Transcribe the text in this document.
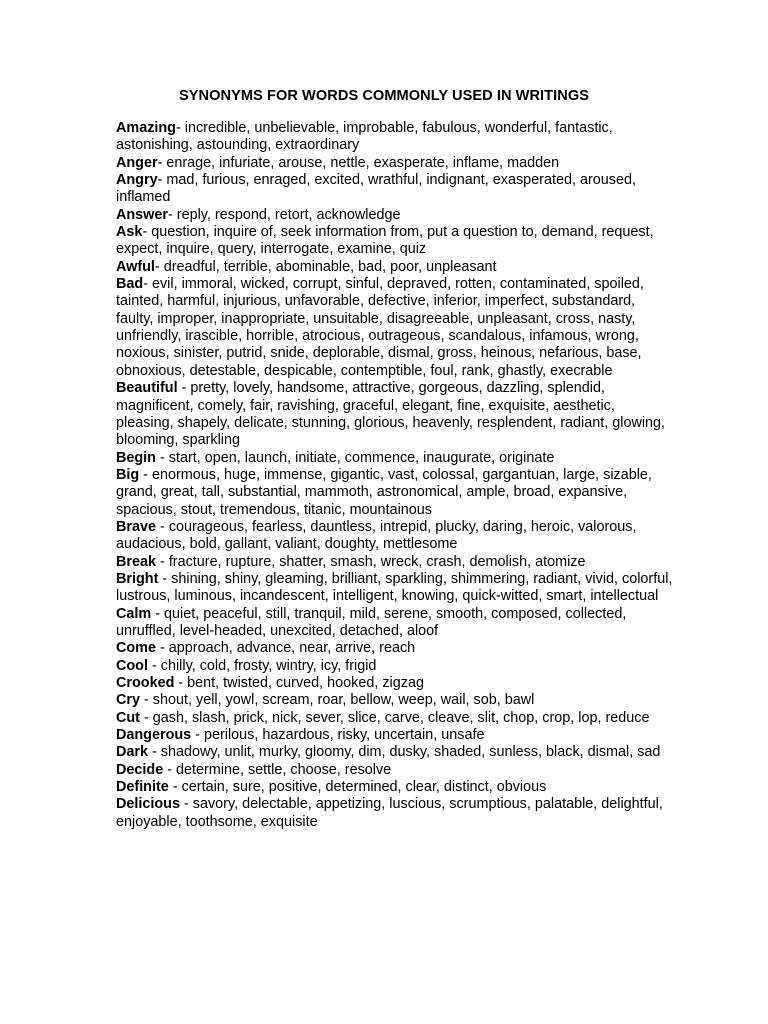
SYNONYMS FOR WORDS COMMONLY USED IN WRITINGS

Amazing- incredible, unbelievable, improbable, fabulous, wonderful, fantastic, astonishing, astounding, extraordinary

Anger- enrage, infuriate, arouse, nettle, exasperate, inflame, madden

Angry- mad, furious, enraged, excited, wrathful, indignant, exasperated, aroused, inflamed

Answer- reply, respond, retort, acknowledge

Ask- question, inquire of, seek information from, put a question to, demand, request, expect, inquire, query, interrogate, examine, quiz

Awful- dreadful, terrible, abominable, bad, poor, unpleasant

Bad- evil, immoral, wicked, corrupt, sinful, depraved, rotten, contaminated, spoiled, tainted, harmful, injurious, unfavorable, defective, inferior, imperfect, substandard, faulty, improper, inappropriate, unsuitable, disagreeable, unpleasant, cross, nasty, unfriendly, irascible, horrible, atrocious, outrageous, scandalous, infamous, wrong, noxious, sinister, putrid, snide, deplorable, dismal, gross, heinous, nefarious, base, obnoxious, detestable, despicable, contemptible, foul, rank, ghastly, execrable

Beautiful - pretty, lovely, handsome, attractive, gorgeous, dazzling, splendid, magnificent, comely, fair, ravishing, graceful, elegant, fine, exquisite, aesthetic, pleasing, shapely, delicate, stunning, glorious, heavenly, resplendent, radiant, glowing, blooming, sparkling

Begin - start, open, launch, initiate, commence, inaugurate, originate

Big - enormous, huge, immense, gigantic, vast, colossal, gargantuan, large, sizable, grand, great, tall, substantial, mammoth, astronomical, ample, broad, expansive, spacious, stout, tremendous, titanic, mountainous

Brave - courageous, fearless, dauntless, intrepid, plucky, daring, heroic, valorous, audacious, bold, gallant, valiant, doughty, mettlesome

Break - fracture, rupture, shatter, smash, wreck, crash, demolish, atomize

Bright - shining, shiny, gleaming, brilliant, sparkling, shimmering, radiant, vivid, colorful, lustrous, luminous, incandescent, intelligent, knowing, quick-witted, smart, intellectual

Calm - quiet, peaceful, still, tranquil, mild, serene, smooth, composed, collected, unruffled, level-headed, unexcited, detached, aloof

Come - approach, advance, near, arrive, reach

Cool - chilly, cold, frosty, wintry, icy, frigid

Crooked - bent, twisted, curved, hooked, zigzag

Cry - shout, yell, yowl, scream, roar, bellow, weep, wail, sob, bawl

Cut - gash, slash, prick, nick, sever, slice, carve, cleave, slit, chop, crop, lop, reduce

Dangerous - perilous, hazardous, risky, uncertain, unsafe

Dark - shadowy, unlit, murky, gloomy, dim, dusky, shaded, sunless, black, dismal, sad

Decide - determine, settle, choose, resolve

Definite - certain, sure, positive, determined, clear, distinct, obvious

Delicious - savory, delectable, appetizing, luscious, scrumptious, palatable, delightful, enjoyable, toothsome, exquisite
